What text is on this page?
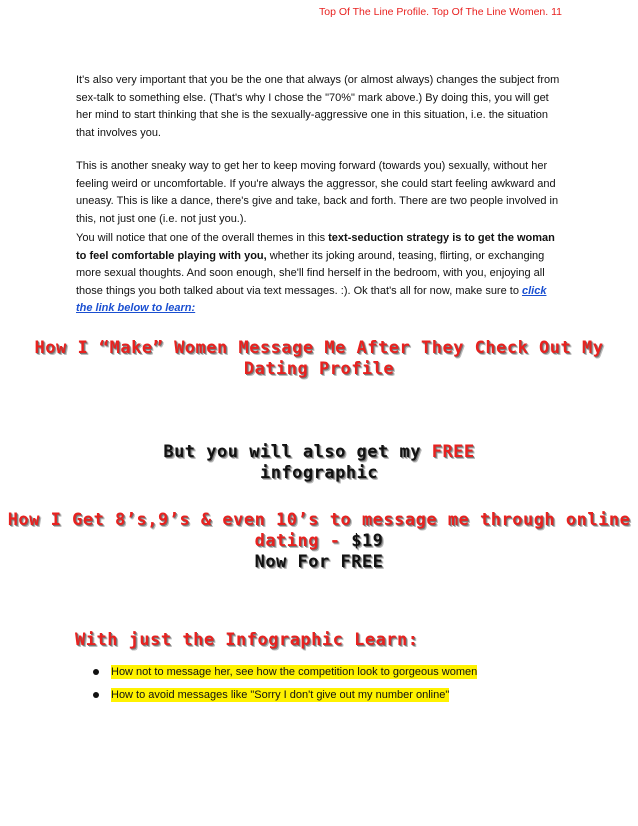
Top Of The Line Profile. Top Of The Line Women. 11
It's also very important that you be the one that always (or almost always) changes the subject from sex-talk to something else. (That's why I chose the "70%" mark above.) By doing this, you will get her mind to start thinking that she is the sexually-aggressive one in this situation, i.e. the situation that involves you.
This is another sneaky way to get her to keep moving forward (towards you) sexually, without her feeling weird or uncomfortable. If you're always the aggressor, she could start feeling awkward and uneasy. This is like a dance, there's give and take, back and forth. There are two people involved in this, not just one (i.e. not just you.).
You will notice that one of the overall themes in this text-seduction strategy is to get the woman to feel comfortable playing with you, whether its joking around, teasing, flirting, or exchanging more sexual thoughts. And soon enough, she'll find herself in the bedroom, with you, enjoying all those things you both talked about via text messages. :). Ok that's all for now, make sure to click the link below to learn:
How I “Make” Women Message Me After They Check Out My Dating Profile
But you will also get my FREE
infographic
How I Get 8’s,9’s & even 10’s to message me through online dating - $19
Now For FREE
With just the Infographic Learn:
How not to message her, see how the competition look to gorgeous women
How to avoid messages like "Sorry I don't give out my number online"
